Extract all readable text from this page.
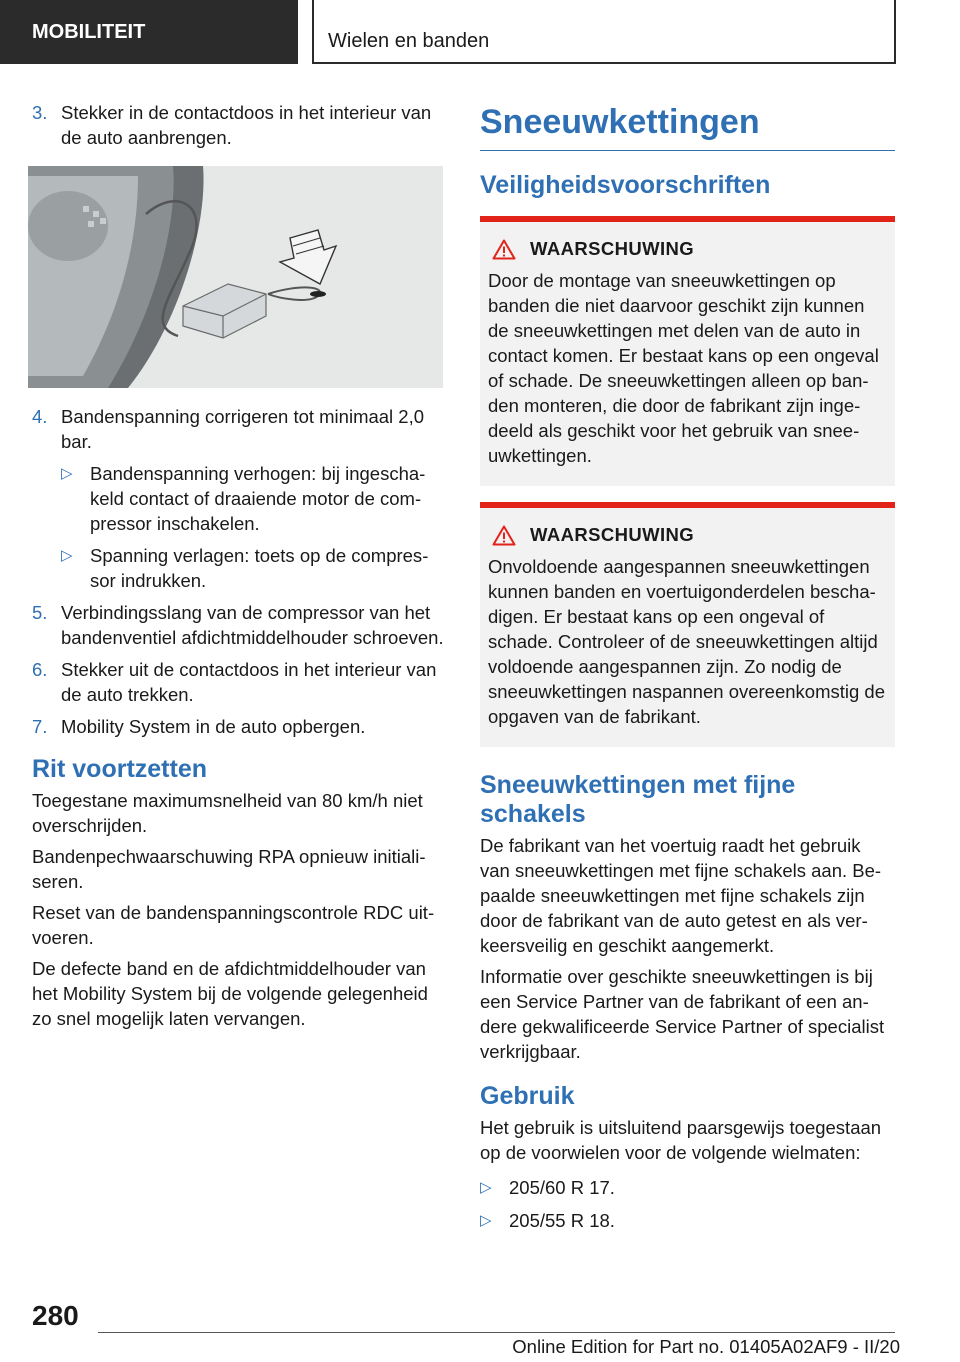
MOBILITEIT	Wielen en banden
3. Stekker in de contactdoos in het interieur van de auto aanbrengen.
4. Bandenspanning corrigeren tot minimaal 2,0 bar.
▷ Bandenspanning verhogen: bij ingeschakeld contact of draaiende motor de compressor inschakelen.
▷ Spanning verlagen: toets op de compressor indrukken.
5. Verbindingsslang van de compressor van het bandenventiel afdichtmiddelhouder schroeven.
6. Stekker uit de contactdoos in het interieur van de auto trekken.
7. Mobility System in de auto opbergen.
Rit voortzetten

Toegestane maximumsnelheid van 80 km/h niet overschrijden.

Bandenpechwaarschuwing RPA opnieuw initialiseren.

Reset van de bandenspanningscontrole RDC uitvoeren.

De defecte band en de afdichtmiddelhouder van het Mobility System bij de volgende gelegenheid zo snel mogelijk laten vervangen.

Sneeuwkettingen
Veiligheidsvoorschriften
WAARSCHUWING

Door de montage van sneeuwkettingen op banden die niet daarvoor geschikt zijn kunnen de sneeuwkettingen met delen van de auto in contact komen. Er bestaat kans op een ongeval of schade. De sneeuwkettingen alleen op banden monteren, die door de fabrikant zijn ingedeeld als geschikt voor het gebruik van sneeuwkettingen.

WAARSCHUWING

Onvoldoende aangespannen sneeuwkettingen kunnen banden en voertuigonderdelen beschadigen. Er bestaat kans op een ongeval of schade. Controleer of de sneeuwkettingen altijd voldoende aangespannen zijn. Zo nodig de sneeuwkettingen naspannen overeenkomstig de opgaven van de fabrikant.

Sneeuwkettingen met fijne schakels

De fabrikant van het voertuig raadt het gebruik van sneeuwkettingen met fijne schakels aan. Bepaalde sneeuwkettingen met fijne schakels zijn door de fabrikant van de auto getest en als verkeersveilig en geschikt aangemerkt.

Informatie over geschikte sneeuwkettingen is bij een Service Partner van de fabrikant of een andere gekwalificeerde Service Partner of specialist verkrijgbaar.

Gebruik

Het gebruik is uitsluitend paarsgewijs toegestaan op de voorwielen voor de volgende wielmaten:

▷ 205/60 R 17.
▷ 205/55 R 18.
280
Online Edition for Part no. 01405A02AF9 - II/20
